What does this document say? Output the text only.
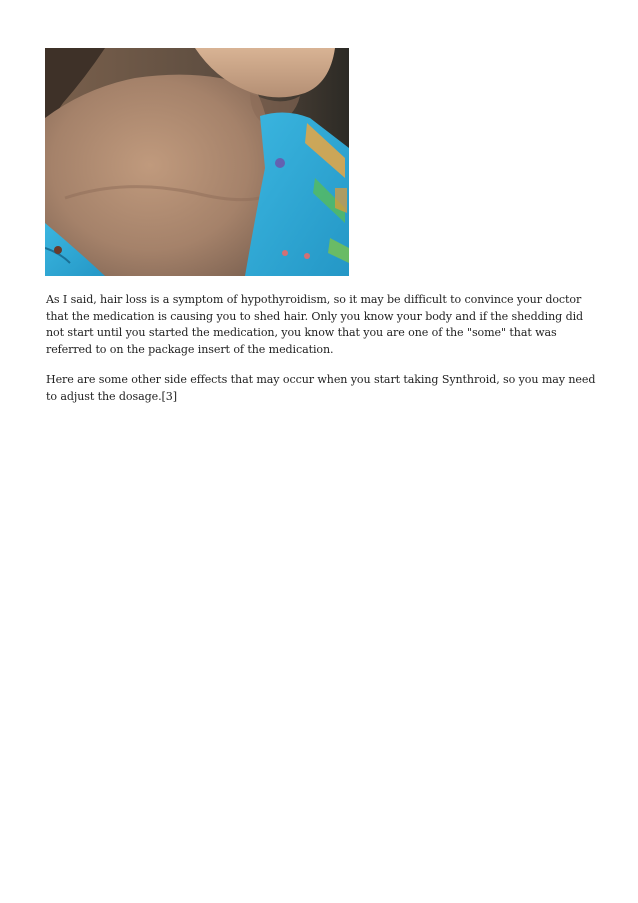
As I said, hair loss is a symptom of hypothyroidism, so it may be difficult to convince your doctor that the medication is causing you to shed hair. Only you know your body and if the shedding did not start until you started the medication, you know that you are one of the "some" that was referred to on the package insert of the medication.

Here are some other side effects that may occur when you start taking Synthroid, so you may need to adjust the dosage.[3]
